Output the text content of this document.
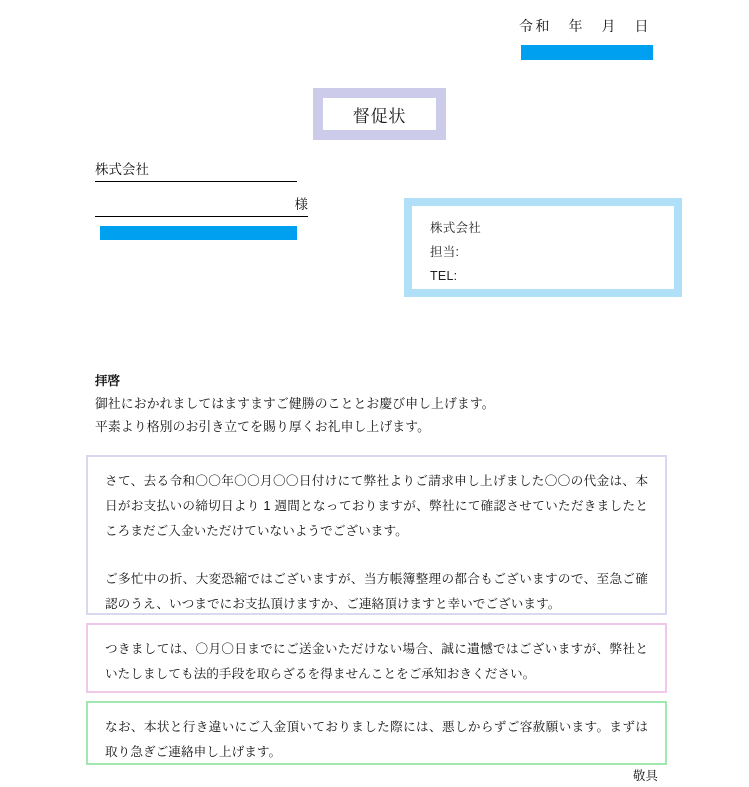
令和　年　月　日
督促状
株式会社
様
株式会社
担当:
TEL:
拝啓
御社におかれましてはますますご健勝のこととお慶び申し上げます。
平素より格別のお引き立てを賜り厚くお礼申し上げます。
さて、去る令和〇〇年〇〇月〇〇日付けにて弊社よりご請求申し上げました〇〇の代金は、本日がお支払いの締切日より 1 週間となっておりますが、弊社にて確認させていただきましたところまだご入金いただけていないようでございます。
ご多忙中の折、大変恐縮ではございますが、当方帳簿整理の都合もございますので、至急ご確認のうえ、いつまでにお支払頂けますか、ご連絡頂けますと幸いでございます。
つきましては、〇月〇日までにご送金いただけない場合、誠に遺憾ではございますが、弊社といたしましても法的手段を取らざるを得ませんことをご承知おきください。
なお、本状と行き違いにご入金頂いておりました際には、悪しからずご容赦願います。まずは取り急ぎご連絡申し上げます。
敬具
